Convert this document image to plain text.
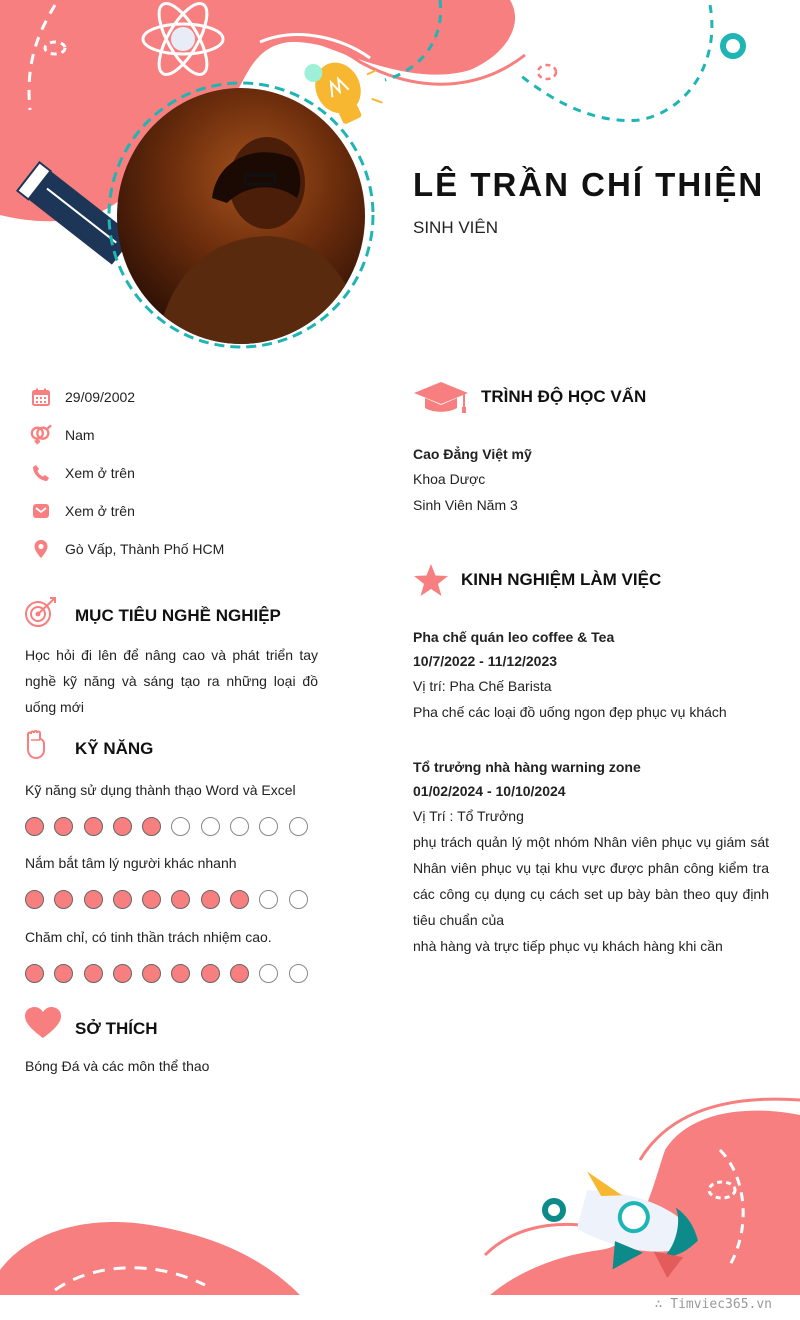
LÊ TRẦN CHÍ THIỆN
SINH VIÊN
29/09/2002
Nam
Xem ở trên
Xem ở trên
Gò Vấp, Thành Phố HCM
MỤC TIÊU NGHỀ NGHIỆP
Học hỏi đi lên để nâng cao và phát triển tay nghề kỹ năng và sáng tạo ra những loại đồ uống mới
KỸ NĂNG
Kỹ năng sử dụng thành thạo Word và Excel
Nắm bắt tâm lý người khác nhanh
Chăm chỉ, có tinh thần trách nhiệm cao.
SỞ THÍCH
Bóng Đá và các môn thể thao
TRÌNH ĐỘ HỌC VẤN
Cao Đẳng Việt mỹ
Khoa Dược
Sinh Viên Năm 3
KINH NGHIỆM LÀM VIỆC
Pha chế quán leo coffee & Tea
10/7/2022 - 11/12/2023
Vị trí: Pha Chế Barista
Pha chế các loại đồ uống ngon đẹp phục vụ khách
Tổ trưởng nhà hàng warning zone
01/02/2024 - 10/10/2024
Vị Trí : Tổ Trưởng
phụ trách quản lý một nhóm Nhân viên phục vụ giám sát Nhân viên phục vụ tại khu vực được phân công kiểm tra các công cụ dụng cụ cách set up bày bàn theo quy định tiêu chuẩn của
nhà hàng và trực tiếp phục vụ khách hàng khi cần
∴ Timviec365.vn
